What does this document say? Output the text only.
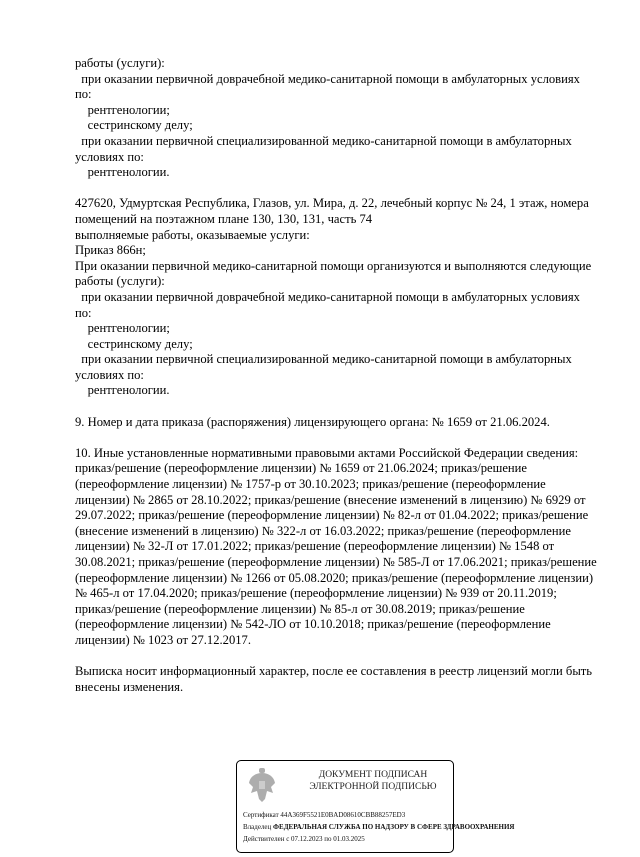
работы (услуги):
при оказании первичной доврачебной медико-санитарной помощи в амбулаторных условиях
по:
рентгенологии;
сестринскому делу;
при оказании первичной специализированной медико-санитарной помощи в амбулаторных
условиях по:
рентгенологии.
427620, Удмуртская Республика, Глазов, ул. Мира, д. 22, лечебный корпус № 24, 1 этаж, номера
помещений на поэтажном плане 130, 130, 131, часть 74
выполняемые работы, оказываемые услуги:
Приказ 866н;
При оказании первичной медико-санитарной помощи организуются и выполняются следующие
работы (услуги):
при оказании первичной доврачебной медико-санитарной помощи в амбулаторных условиях
по:
рентгенологии;
сестринскому делу;
при оказании первичной специализированной медико-санитарной помощи в амбулаторных
условиях по:
рентгенологии.
9. Номер и дата приказа (распоряжения) лицензирующего органа: № 1659 от 21.06.2024.
10. Иные установленные нормативными правовыми актами Российской Федерации сведения:
приказ/решение (переоформление лицензии) № 1659 от 21.06.2024; приказ/решение
(переоформление лицензии) № 1757-р от 30.10.2023; приказ/решение (переоформление
лицензии) № 2865 от 28.10.2022; приказ/решение (внесение изменений в лицензию) № 6929 от
29.07.2022; приказ/решение (переоформление лицензии) № 82-л от 01.04.2022; приказ/решение
(внесение изменений в лицензию) № 322-л от 16.03.2022; приказ/решение (переоформление
лицензии) № 32-Л от 17.01.2022; приказ/решение (переоформление лицензии) № 1548 от
30.08.2021; приказ/решение (переоформление лицензии) № 585-Л от 17.06.2021; приказ/решение
(переоформление лицензии) № 1266 от 05.08.2020; приказ/решение (переоформление лицензии)
№ 465-л от 17.04.2020; приказ/решение (переоформление лицензии) № 939 от 20.11.2019;
приказ/решение (переоформление лицензии) № 85-л от 30.08.2019; приказ/решение
(переоформление лицензии) № 542-ЛО от 10.10.2018; приказ/решение (переоформление
лицензии) № 1023 от 27.12.2017.
Выписка носит информационный характер, после ее составления в реестр лицензий могли быть
внесены изменения.
ДОКУМЕНТ ПОДПИСАН
ЭЛЕКТРОННОЙ ПОДПИСЬЮ
Сертификат 44A369F5521E0BAD08610CBB88257ED3
Владелец ФЕДЕРАЛЬНАЯ СЛУЖБА ПО НАДЗОРУ В СФЕРЕ ЗДРАВООХРАНЕНИЯ
Действителен с 07.12.2023 по 01.03.2025
